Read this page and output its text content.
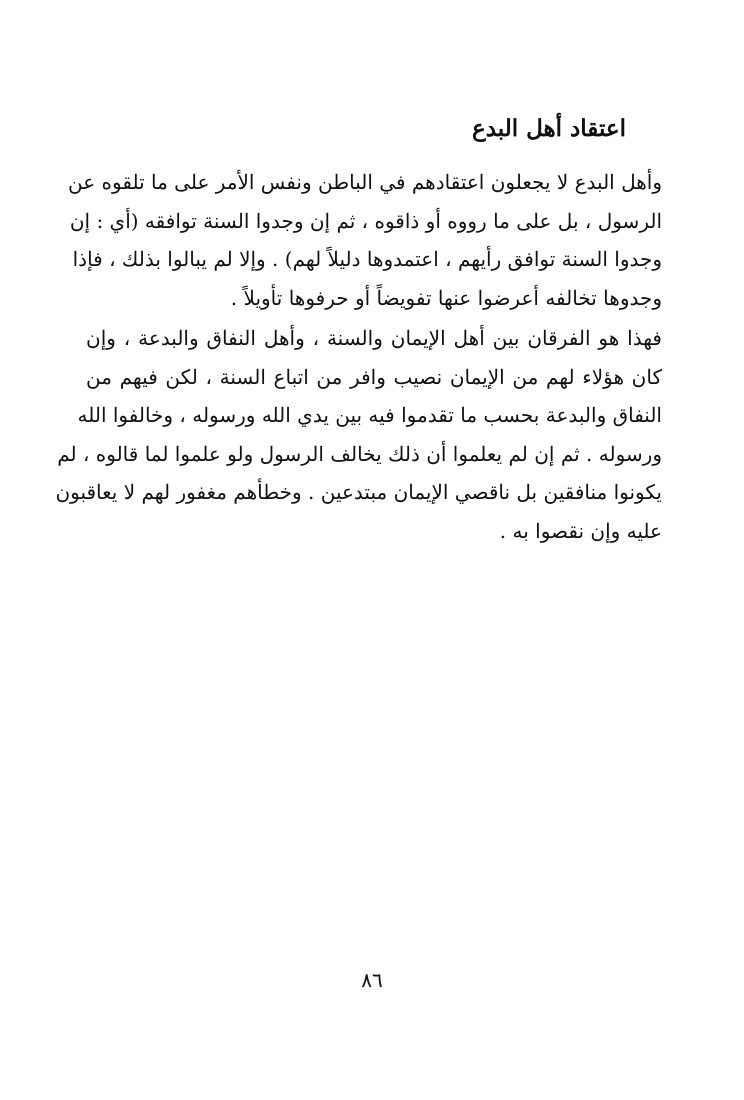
اعتقاد أهل البدع

وأهل البدع لا يجعلون اعتقادهم في الباطن ونفس الأمر على ما تلقوه عن
الرسول ، بل على ما رووه أو ذاقوه ، ثم إن وجدوا السنة توافقه (أي : إن
وجدوا السنة توافق رأيهم ، اعتمدوها دليلاً لهم) . وإلا لم يبالوا بذلك ، فإذا
وجدوها تخالفه أعرضوا عنها تفويضاً أو حرفوها تأويلاً .

فهذا هو الفرقان بين أهل الإيمان والسنة ، وأهل النفاق والبدعة ، وإن
كان هؤلاء لهم من الإيمان نصيب وافر من اتباع السنة ، لكن فيهم من
النفاق والبدعة بحسب ما تقدموا فيه بين يدي الله ورسوله ، وخالفوا الله
ورسوله . ثم إن لم يعلموا أن ذلك يخالف الرسول ولو علموا لما قالوه ، لم
يكونوا منافقين بل ناقصي الإيمان مبتدعين . وخطأهم مغفور لهم لا يعاقبون
عليه وإن نقصوا به .

٨٦
